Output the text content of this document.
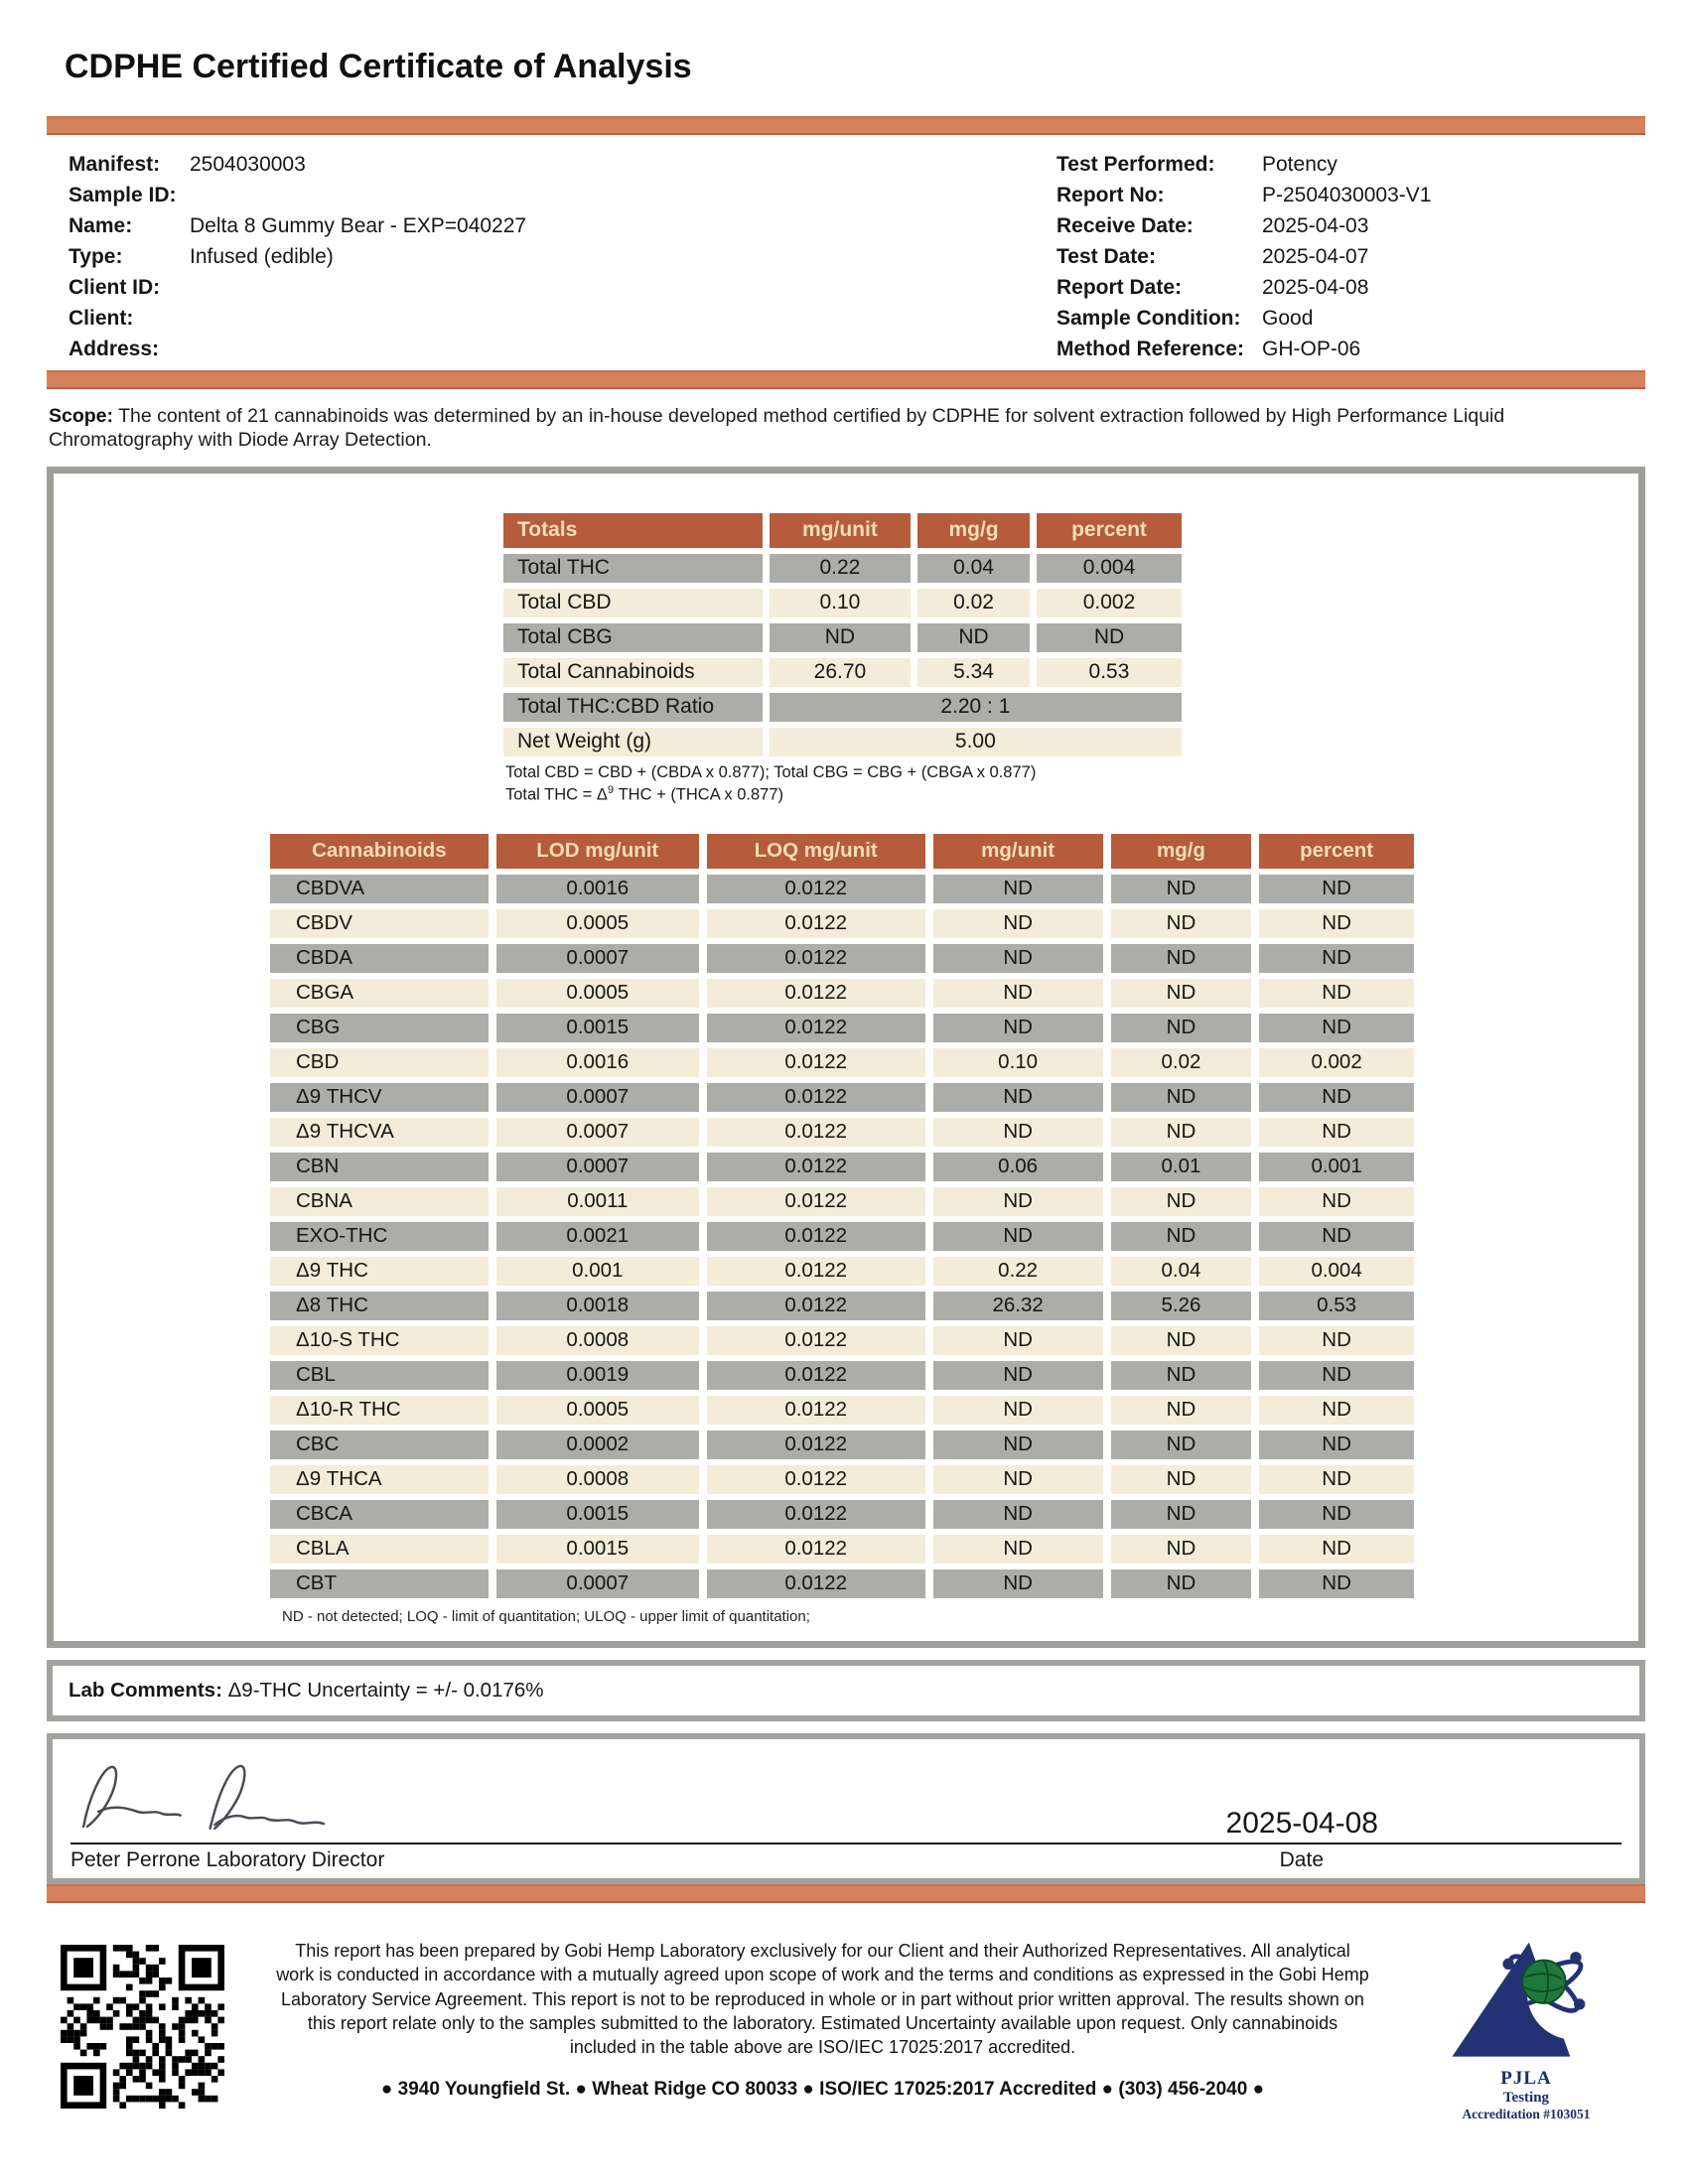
CDPHE Certified Certificate of Analysis
Manifest:	2504030003
Sample ID:
Name:	Delta 8 Gummy Bear - EXP=040227
Type:	Infused (edible)
Client ID:
Client:
Address:
Test Performed:	Potency
Report No:	P-2504030003-V1
Receive Date:	2025-04-03
Test Date:	2025-04-07
Report Date:	2025-04-08
Sample Condition:	Good
Method Reference: GH-OP-06

Scope: The content of 21 cannabinoids was determined by an in-house developed method certified by CDPHE for solvent extraction followed by High Performance Liquid Chromatography with Diode Array Detection.

Totals	mg/unit	mg/g	percent
Total THC	0.22	0.04	0.004
Total CBD	0.10	0.02	0.002
Total CBG	ND	ND	ND
Total Cannabinoids	26.70	5.34	0.53
Total THC:CBD Ratio	2.20 : 1		
Net Weight (g)	5.00		
Total CBD = CBD + (CBDA x 0.877); Total CBG = CBG + (CBGA x 0.877)
Total THC = $\Delta^9$ THC + (THCA x 0.877)
Cannabinoids	LOD mg/unit	LOQ mg/unit	mg/unit	mg/g	percent
CBDVA	0.0016	0.0122	ND	ND	ND
CBDV	0.0005	0.0122	ND	ND	ND
CBDA	0.0007	0.0122	ND	ND	ND
CBGA	0.0005	0.0122	ND	ND	ND
CBG	0.0015	0.0122	ND	ND	ND
CBD	0.0016	0.0122	0.10	0.02	0.002
Δ9 THCV	0.0007	0.0122	ND	ND	ND
Δ9 THCVA	0.0007	0.0122	ND	ND	ND
CBN	0.0007	0.0122	0.06	0.01	0.001
CBNA	0.0011	0.0122	ND	ND	ND
EXO-THC	0.0021	0.0122	ND	ND	ND
Δ9 THC	0.001	0.0122	0.22	0.04	0.004
Δ8 THC	0.0018	0.0122	26.32	5.26	0.53
Δ10-S THC	0.0008	0.0122	ND	ND	ND
CBL	0.0019	0.0122	ND	ND	ND
Δ10-R THC	0.0005	0.0122	ND	ND	ND
CBC	0.0002	0.0122	ND	ND	ND
Δ9 THCA	0.0008	0.0122	ND	ND	ND
CBCA	0.0015	0.0122	ND	ND	ND
CBLA	0.0015	0.0122	ND	ND	ND
CBT	0.0007	0.0122	ND	ND	ND
ND - not detected; LOQ - limit of quantitation; ULOQ - upper limit of quantitation;
Lab Comments: Δ9-THC Uncertainty = +/- 0.0176%
2025-04-08
Peter Perrone Laboratory Director	Date

This report has been prepared by Gobi Hemp Laboratory exclusively for our Client and their Authorized Representatives. All analytical work is conducted in accordance with a mutually agreed upon scope of work and the terms and conditions as expressed in the Gobi Hemp Laboratory Service Agreement. This report is not to be reproduced in whole or in part without prior written approval. The results shown on this report relate only to the samples submitted to the laboratory. Estimated Uncertainty available upon request. Only cannabinoids included in the table above are ISO/IEC 17025:2017 accredited.

● 3940 Youngfield St. ● Wheat Ridge CO 80033 ● ISO/IEC 17025:2017 Accredited ● (303) 456-2040 ●

PJLA
Testing
Accreditation #103051
